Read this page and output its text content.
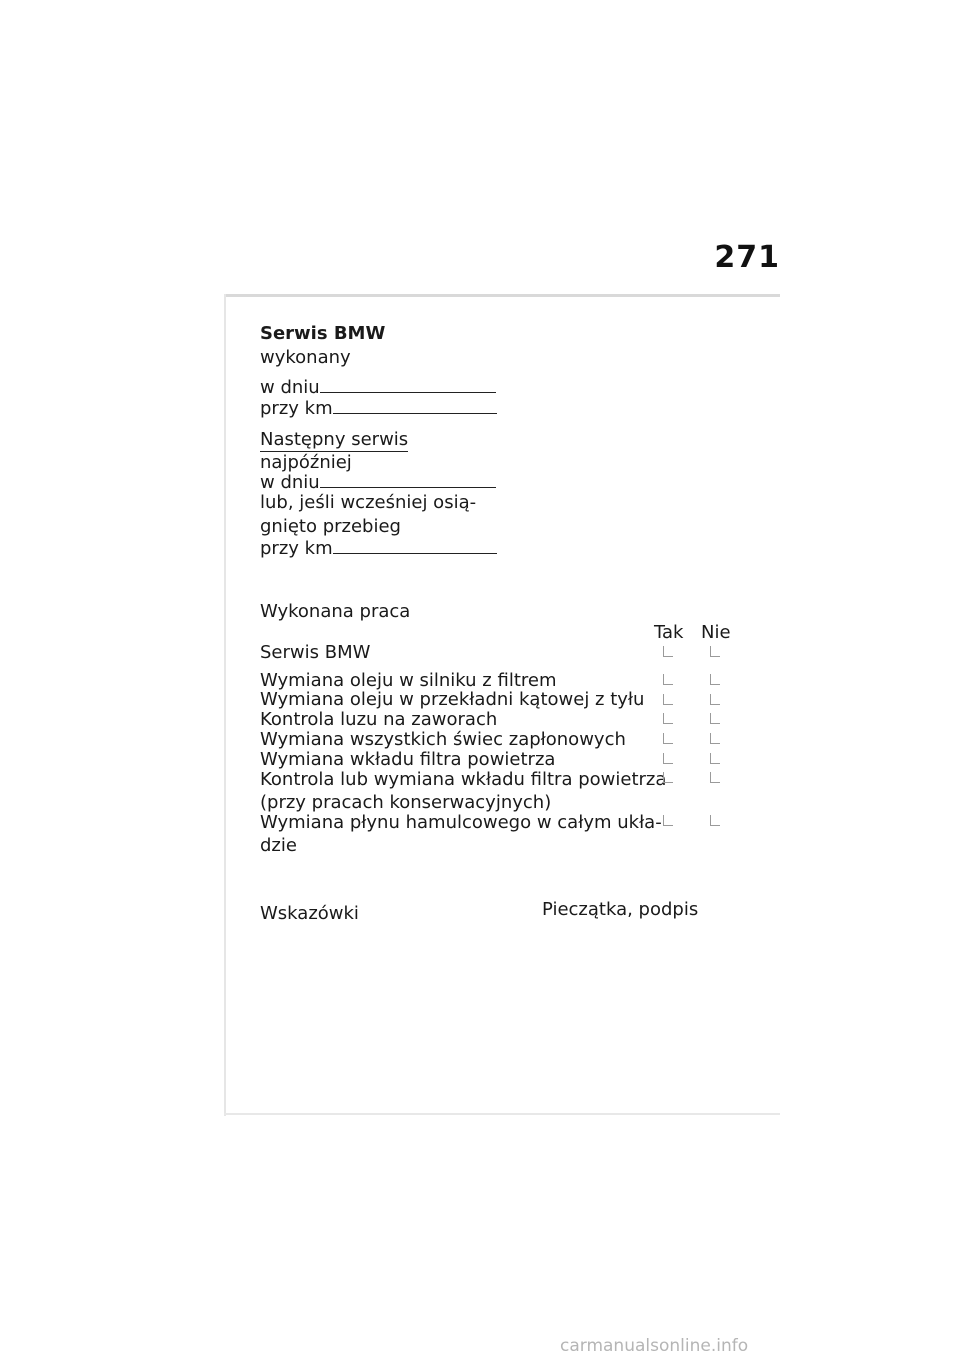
271
Serwis BMW
wykonany
w dniu
przy km
Następny serwis
najpóźniej
w dniu
lub, jeśli wcześniej osią-
gnięto przebieg
przy km
Wykonana praca
Tak Nie
Serwis BMW
Wymiana oleju w silniku z filtrem
Wymiana oleju w przekładni kątowej z tyłu
Kontrola luzu na zaworach
Wymiana wszystkich świec zapłonowych
Wymiana wkładu filtra powietrza
Kontrola lub wymiana wkładu filtra powietrza
(przy pracach konserwacyjnych)
Wymiana płynu hamulcowego w całym ukła-
dzie
Wskazówki	Pieczątka, podpis
carmanualsonline.info
